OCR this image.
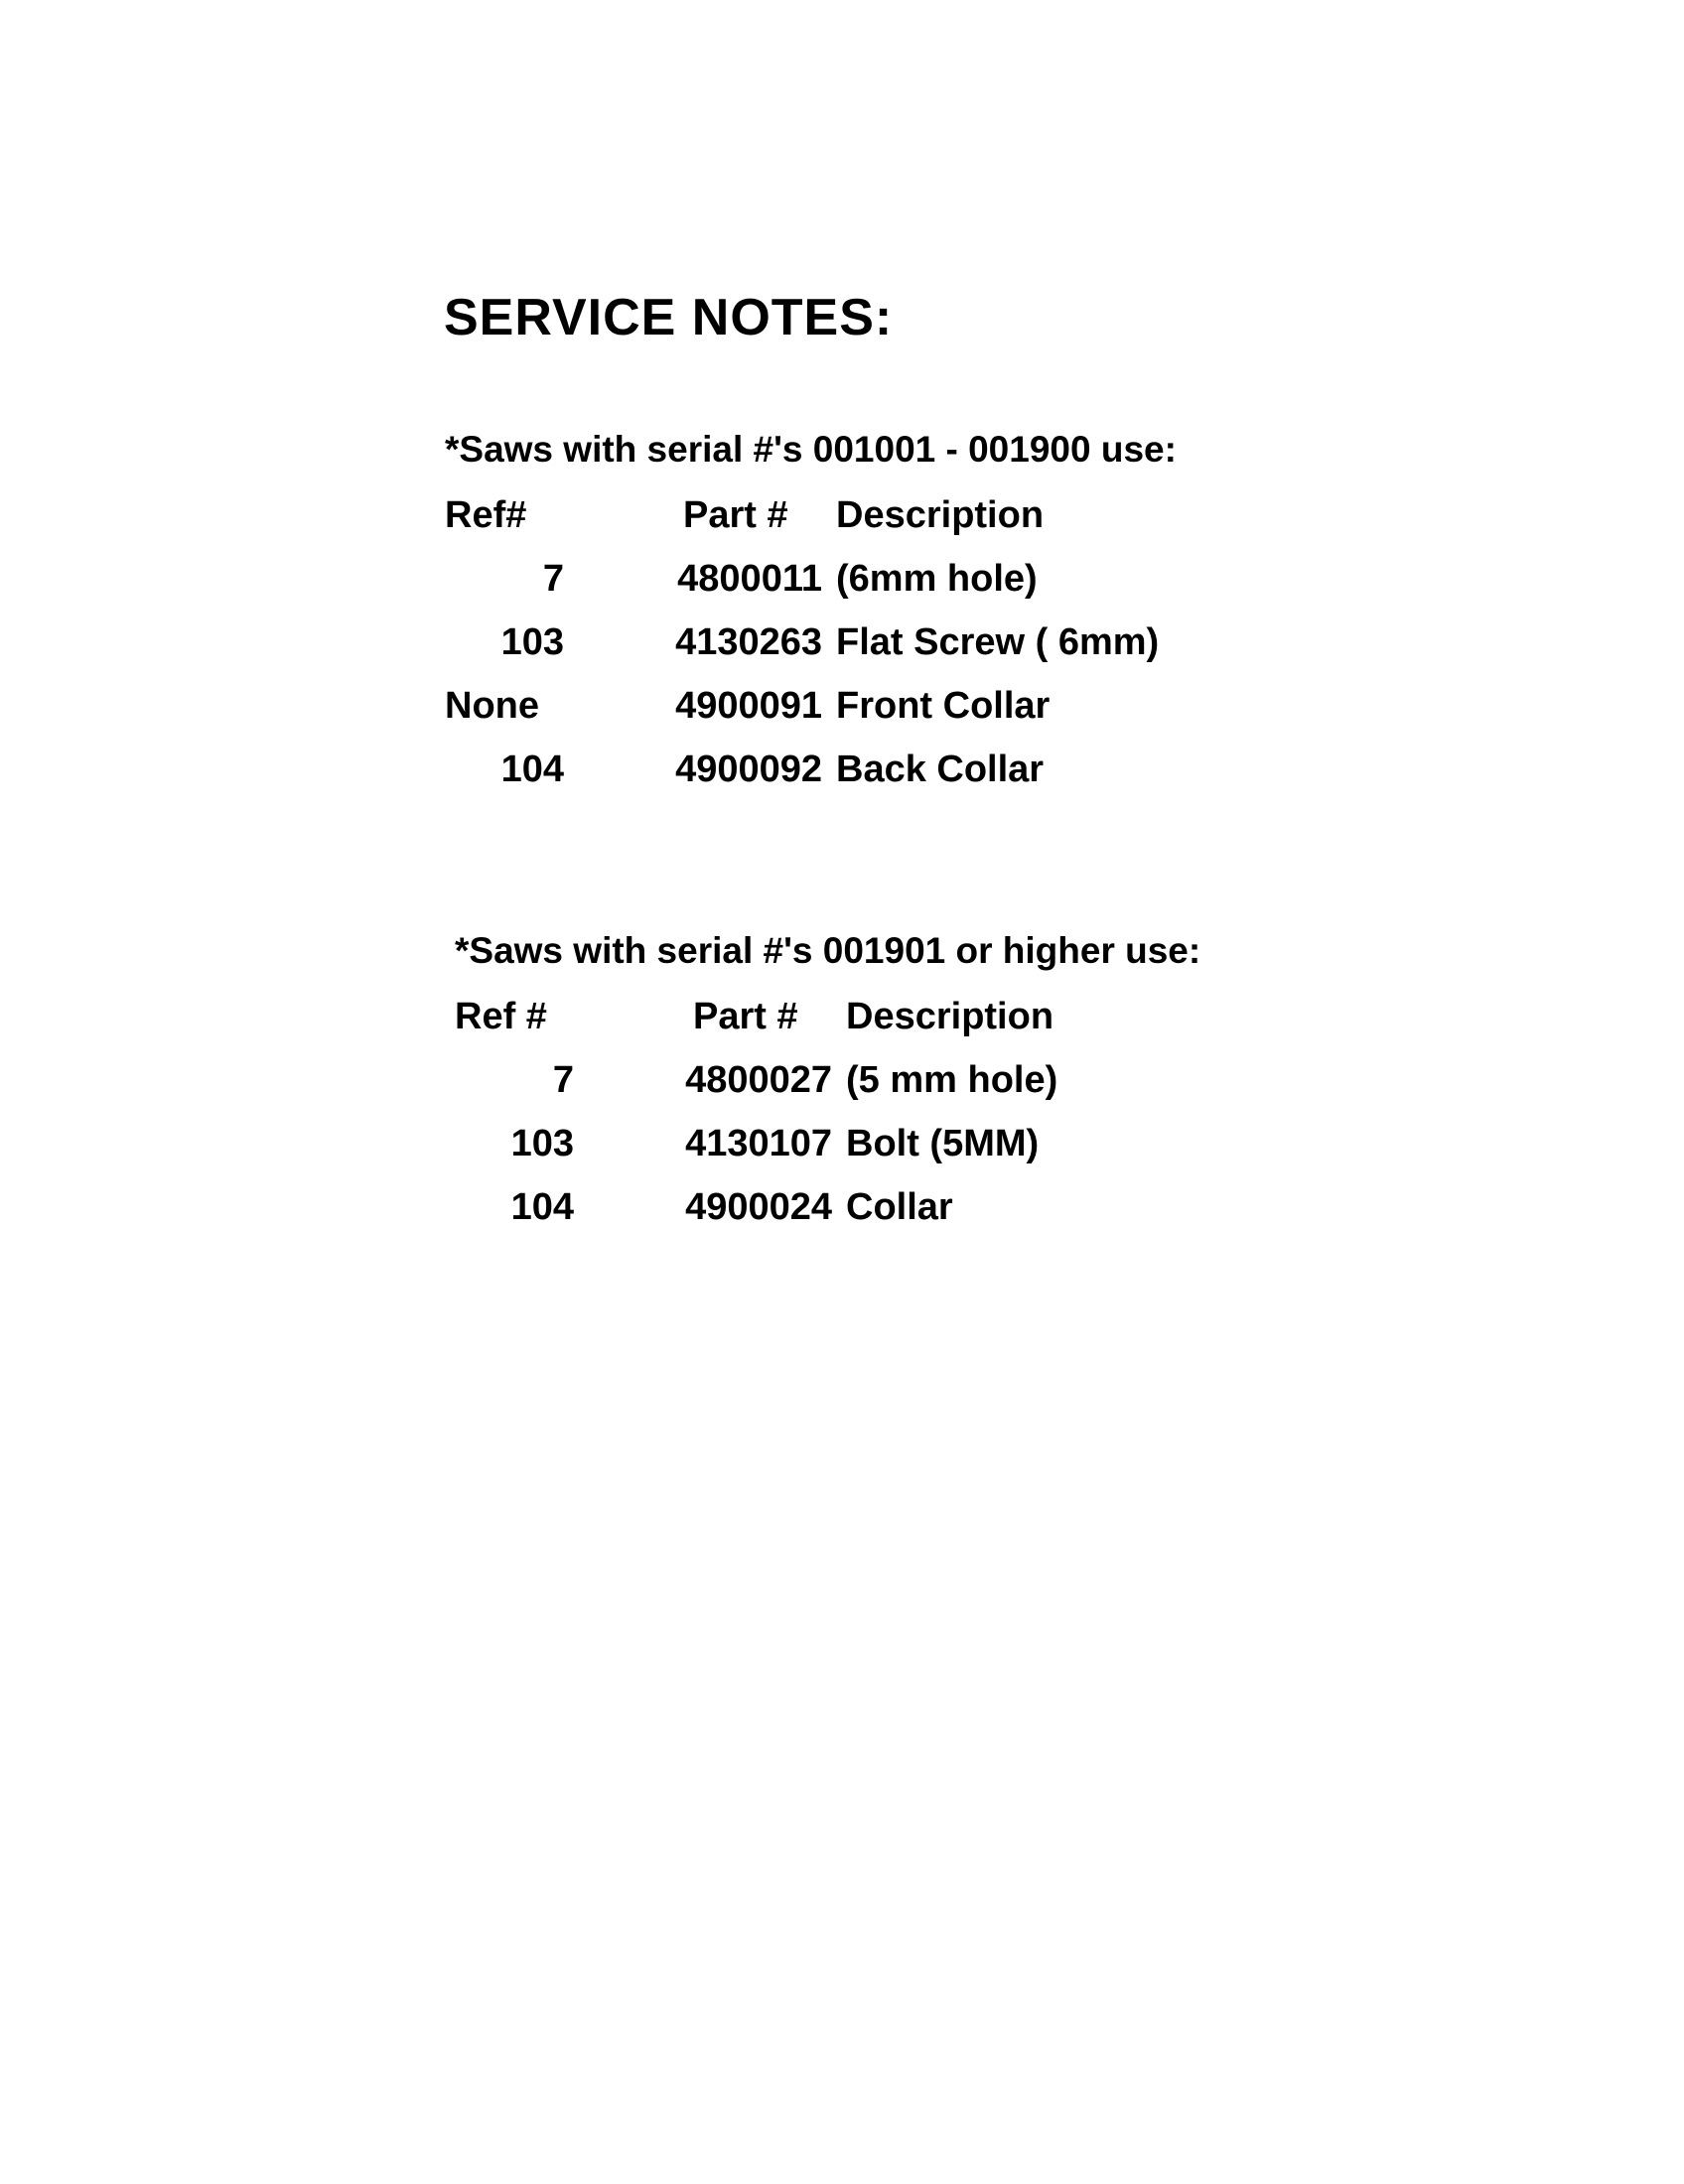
SERVICE NOTES:
*Saws with serial #'s 001001 - 001900 use:
Ref#		Part #	Description
7		4800011	(6mm hole)
103		4130263	Flat Screw ( 6mm)
None		4900091	Front Collar
104		4900092	Back Collar
*Saws with serial #'s 001901 or higher use:
Ref #		Part #	Description
7		4800027	(5 mm hole)
103		4130107	Bolt (5MM)
104		4900024	Collar
